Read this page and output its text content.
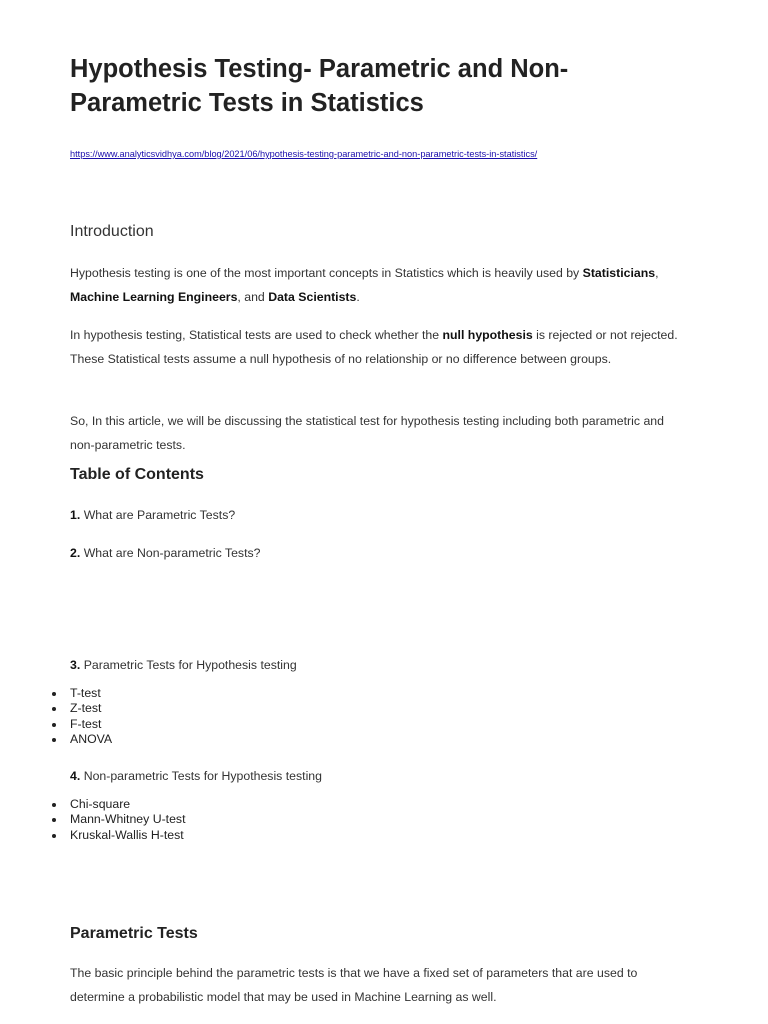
Hypothesis Testing- Parametric and Non-Parametric Tests in Statistics
https://www.analyticsvidhya.com/blog/2021/06/hypothesis-testing-parametric-and-non-parametric-tests-in-statistics/
Introduction

Hypothesis testing is one of the most important concepts in Statistics which is heavily used by Statisticians, Machine Learning Engineers, and Data Scientists.

In hypothesis testing, Statistical tests are used to check whether the null hypothesis is rejected or not rejected. These Statistical tests assume a null hypothesis of no relationship or no difference between groups.

So, In this article, we will be discussing the statistical test for hypothesis testing including both parametric and non-parametric tests.

Table of Contents

1. What are Parametric Tests?

2. What are Non-parametric Tests?

3. Parametric Tests for Hypothesis testing

T-test
Z-test
F-test
ANOVA

4. Non-parametric Tests for Hypothesis testing

Chi-square
Mann-Whitney U-test
Kruskal-Wallis H-test
Parametric Tests

The basic principle behind the parametric tests is that we have a fixed set of parameters that are used to determine a probabilistic model that may be used in Machine Learning as well.
